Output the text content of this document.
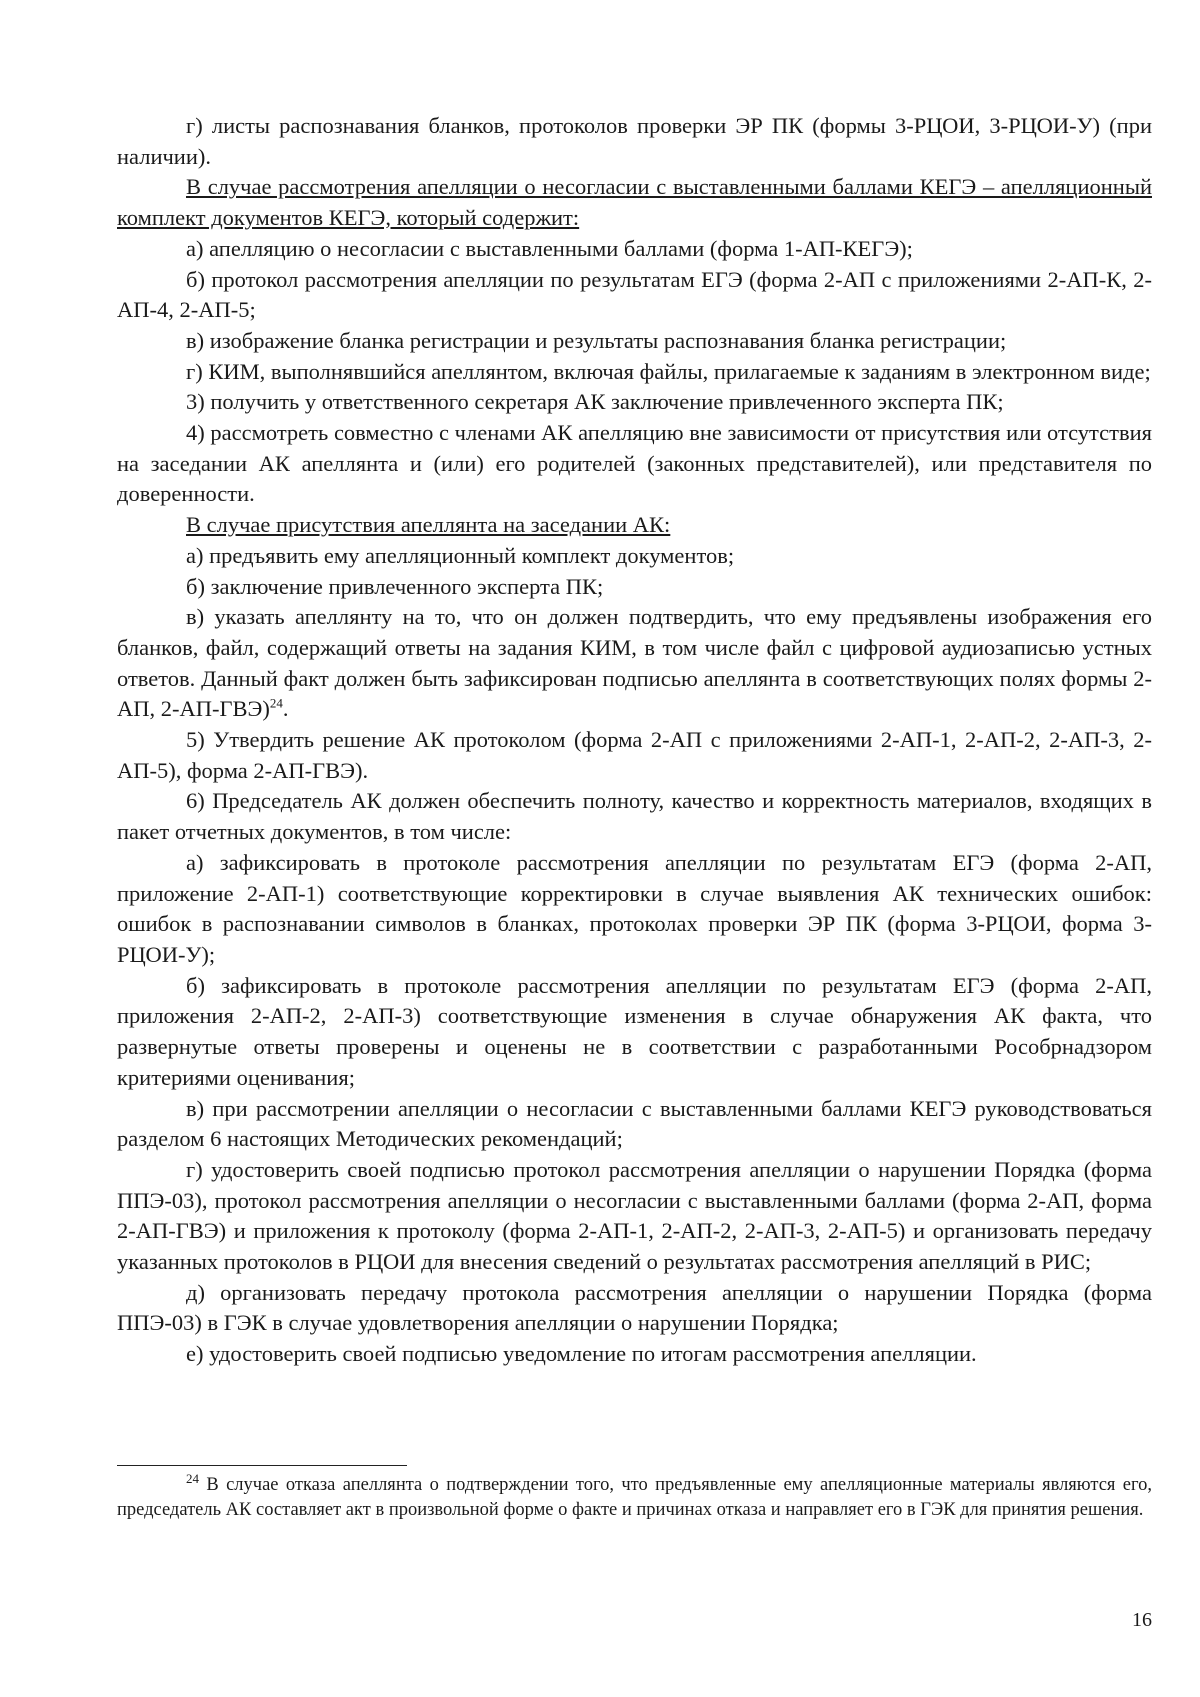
г) листы распознавания бланков, протоколов проверки ЭР ПК (формы 3-РЦОИ, 3-РЦОИ-У) (при наличии).

В случае рассмотрения апелляции о несогласии с выставленными баллами КЕГЭ – апелляционный комплект документов КЕГЭ, который содержит:

а) апелляцию о несогласии с выставленными баллами (форма 1-АП-КЕГЭ);

б) протокол рассмотрения апелляции по результатам ЕГЭ (форма 2-АП с приложениями 2-АП-К, 2-АП-4, 2-АП-5;

в) изображение бланка регистрации и результаты распознавания бланка регистрации;

г) КИМ, выполнявшийся апеллянтом, включая файлы, прилагаемые к заданиям в электронном виде;

3) получить у ответственного секретаря АК заключение привлеченного эксперта ПК;

4) рассмотреть совместно с членами АК апелляцию вне зависимости от присутствия или отсутствия на заседании АК апеллянта и (или) его родителей (законных представителей), или представителя по доверенности.

В случае присутствия апеллянта на заседании АК:

а) предъявить ему апелляционный комплект документов;

б) заключение привлеченного эксперта ПК;

в) указать апеллянту на то, что он должен подтвердить, что ему предъявлены изображения его бланков, файл, содержащий ответы на задания КИМ, в том числе файл с цифровой аудиозаписью устных ответов. Данный факт должен быть зафиксирован подписью апеллянта в соответствующих полях формы 2-АП, 2-АП-ГВЭ)$^{24}$.

5) Утвердить решение АК протоколом (форма 2-АП с приложениями 2-АП-1, 2-АП-2, 2-АП-3, 2-АП-5), форма 2-АП-ГВЭ).

6) Председатель АК должен обеспечить полноту, качество и корректность материалов, входящих в пакет отчетных документов, в том числе:

а) зафиксировать в протоколе рассмотрения апелляции по результатам ЕГЭ (форма 2-АП, приложение 2-АП-1) соответствующие корректировки в случае выявления АК технических ошибок: ошибок в распознавании символов в бланках, протоколах проверки ЭР ПК (форма 3-РЦОИ, форма 3-РЦОИ-У);

б) зафиксировать в протоколе рассмотрения апелляции по результатам ЕГЭ (форма 2-АП, приложения 2-АП-2, 2-АП-3) соответствующие изменения в случае обнаружения АК факта, что развернутые ответы проверены и оценены не в соответствии с разработанными Рособрнадзором критериями оценивания;

в) при рассмотрении апелляции о несогласии с выставленными баллами КЕГЭ руководствоваться разделом 6 настоящих Методических рекомендаций;

г) удостоверить своей подписью протокол рассмотрения апелляции о нарушении Порядка (форма ППЭ-03), протокол рассмотрения апелляции о несогласии с выставленными баллами (форма 2-АП, форма 2-АП-ГВЭ) и приложения к протоколу (форма 2-АП-1, 2-АП-2, 2-АП-3, 2-АП-5) и организовать передачу указанных протоколов в РЦОИ для внесения сведений о результатах рассмотрения апелляций в РИС;

д) организовать передачу протокола рассмотрения апелляции о нарушении Порядка (форма ППЭ-03) в ГЭК в случае удовлетворения апелляции о нарушении Порядка;

е) удостоверить своей подписью уведомление по итогам рассмотрения апелляции.

$^{24}$ В случае отказа апеллянта о подтверждении того, что предъявленные ему апелляционные материалы являются его, председатель АК составляет акт в произвольной форме о факте и причинах отказа и направляет его в ГЭК для принятия решения.
16
